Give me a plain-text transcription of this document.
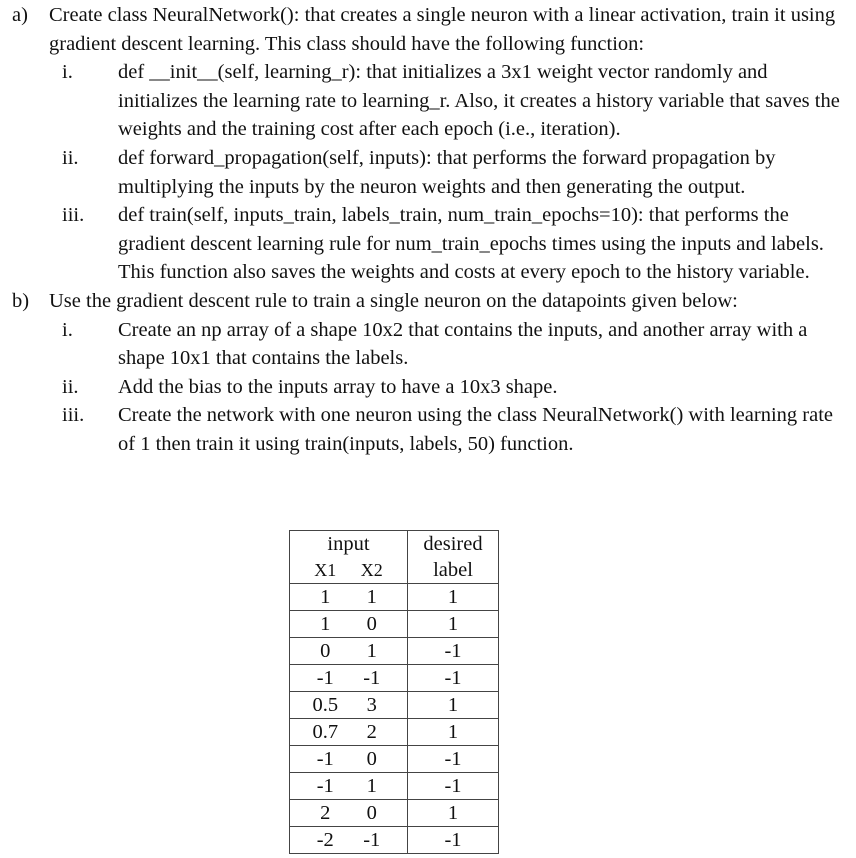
a) Create class NeuralNetwork(): that creates a single neuron with a linear activation, train it using gradient descent learning. This class should have the following function:
i.	def __init__(self, learning_r): that initializes a 3x1 weight vector randomly and initializes the learning rate to learning_r. Also, it creates a history variable that saves the weights and the training cost after each epoch (i.e., iteration).
ii.	def forward_propagation(self, inputs): that performs the forward propagation by multiplying the inputs by the neuron weights and then generating the output.
iii.	def train(self, inputs_train, labels_train, num_train_epochs=10): that performs the gradient descent learning rule for num_train_epochs times using the inputs and labels. This function also saves the weights and costs at every epoch to the history variable.
b) Use the gradient descent rule to train a single neuron on the datapoints given below:
i.	Create an np array of a shape 10x2 that contains the inputs, and another array with a shape 10x1 that contains the labels.
ii.	Add the bias to the inputs array to have a 10x3 shape.
iii.	Create the network with one neuron using the class NeuralNetwork() with learning rate of 1 then train it using train(inputs, labels, 50) function.
input	desired

X1 X2	label

1 1	1

1 0	1

0 1	-1

-1 -1	-1

0.5 3	1

0.7 2	1

-1 0	-1

-1 1	-1

2 0	1

-2 -1	-1
